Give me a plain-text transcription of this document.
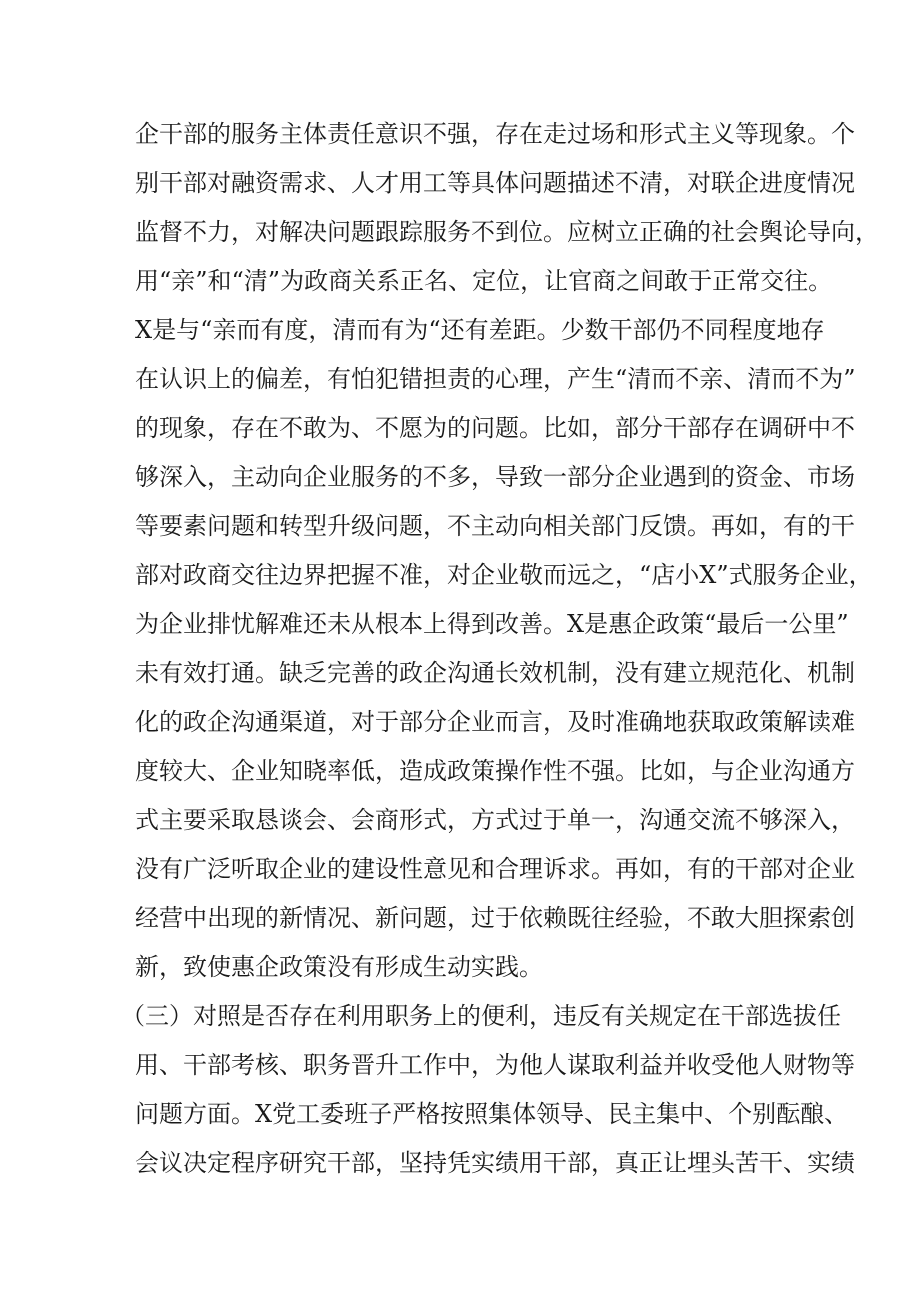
企干部的服务主体责任意识不强，存在走过场和形式主义等现象。个
别干部对融资需求、人才用工等具体问题描述不清，对联企进度情况
监督不力，对解决问题跟踪服务不到位。应树立正确的社会舆论导向，
用“亲”和“清”为政商关系正名、定位，让官商之间敢于正常交往。
X是与“亲而有度，清而有为“还有差距。少数干部仍不同程度地存
在认识上的偏差，有怕犯错担责的心理，产生“清而不亲、清而不为”
的现象，存在不敢为、不愿为的问题。比如，部分干部存在调研中不
够深入，主动向企业服务的不多，导致一部分企业遇到的资金、市场
等要素问题和转型升级问题，不主动向相关部门反馈。再如，有的干
部对政商交往边界把握不准，对企业敬而远之，“店小X”式服务企业，
为企业排忧解难还未从根本上得到改善。X是惠企政策“最后一公里”
未有效打通。缺乏完善的政企沟通长效机制，没有建立规范化、机制
化的政企沟通渠道，对于部分企业而言，及时准确地获取政策解读难
度较大、企业知晓率低，造成政策操作性不强。比如，与企业沟通方
式主要采取恳谈会、会商形式，方式过于单一，沟通交流不够深入，
没有广泛听取企业的建设性意见和合理诉求。再如，有的干部对企业
经营中出现的新情况、新问题，过于依赖既往经验，不敢大胆探索创
新，致使惠企政策没有形成生动实践。
（三）对照是否存在利用职务上的便利，违反有关规定在干部选拔任
用、干部考核、职务晋升工作中，为他人谋取利益并收受他人财物等
问题方面。X党工委班子严格按照集体领导、民主集中、个别酝酿、
会议决定程序研究干部，坚持凭实绩用干部，真正让埋头苦干、实绩
